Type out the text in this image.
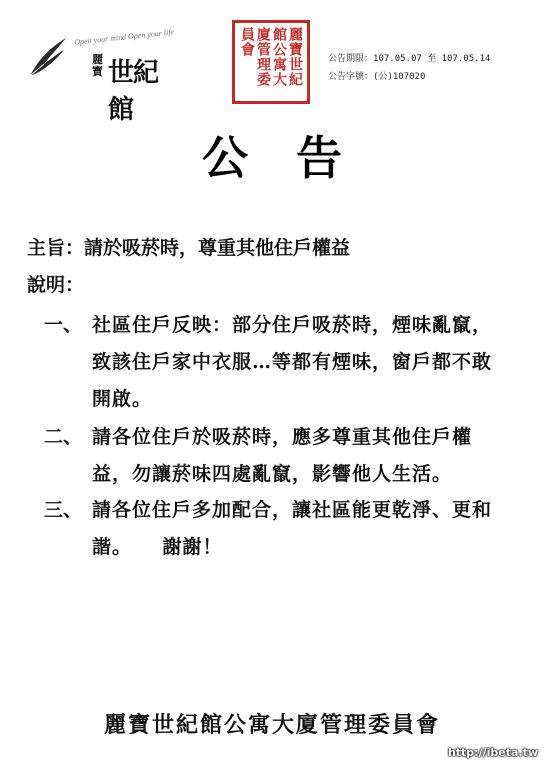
Open your mind Open your life
麗寶 世紀館
麗寶世紀館公寓大廈管理委員會
公告期限：107.05.07 至 107.05.14
公告字號：(公)107020
公告
主旨：請於吸菸時，尊重其他住戶權益
說明：
一、 社區住戶反映：部分住戶吸菸時，煙味亂竄，
致該住戶家中衣服…等都有煙味，窗戶都不敢
開啟。
二、 請各位住戶於吸菸時，應多尊重其他住戶權
益，勿讓菸味四處亂竄，影響他人生活。
三、 請各位住戶多加配合，讓社區能更乾淨、更和
諧。　　謝謝！
麗寶世紀館公寓大廈管理委員會
http://ibeta.tw
